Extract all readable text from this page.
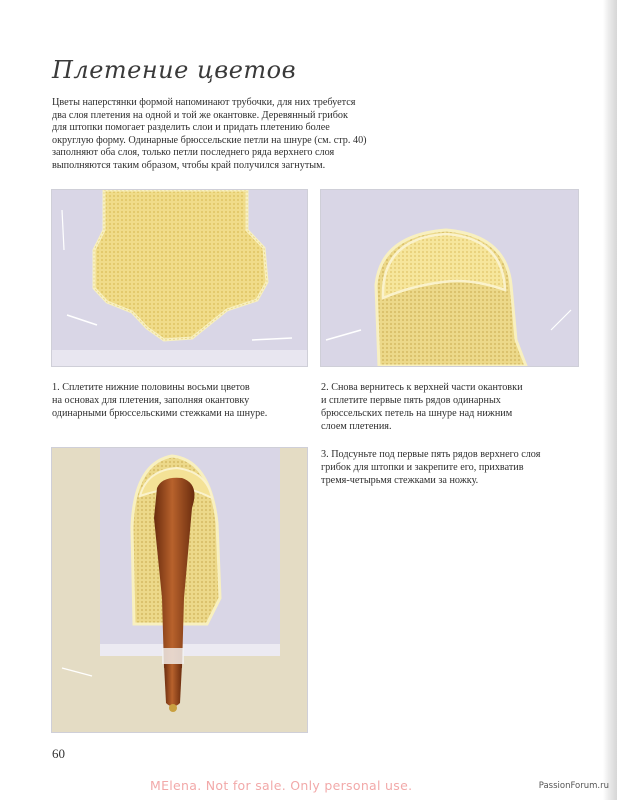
Плетение цветов
Цветы наперстянки формой напоминают трубочки, для них требуется
два слоя плетения на одной и той же окантовке. Деревянный грибок
для штопки помогает разделить слои и придать плетению более
округлую форму. Одинарные брюссельские петли на шнуре (см. стр. 40)
заполняют оба слоя, только петли последнего ряда верхнего слоя
выполняются таким образом, чтобы край получился загнутым.
1. Сплетите нижние половины восьми цветов
на основах для плетения, заполняя окантовку
одинарными брюссельскими стежками на шнуре.
2. Снова вернитесь к верхней части окантовки
и сплетите первые пять рядов одинарных
брюссельских петель на шнуре над нижним
слоем плетения.
3. Подсуньте под первые пять рядов верхнего слоя
грибок для штопки и закрепите его, прихватив
тремя-четырьмя стежками за ножку.
60
MElena. Not for sale. Only personal use.	PassionForum.ru
